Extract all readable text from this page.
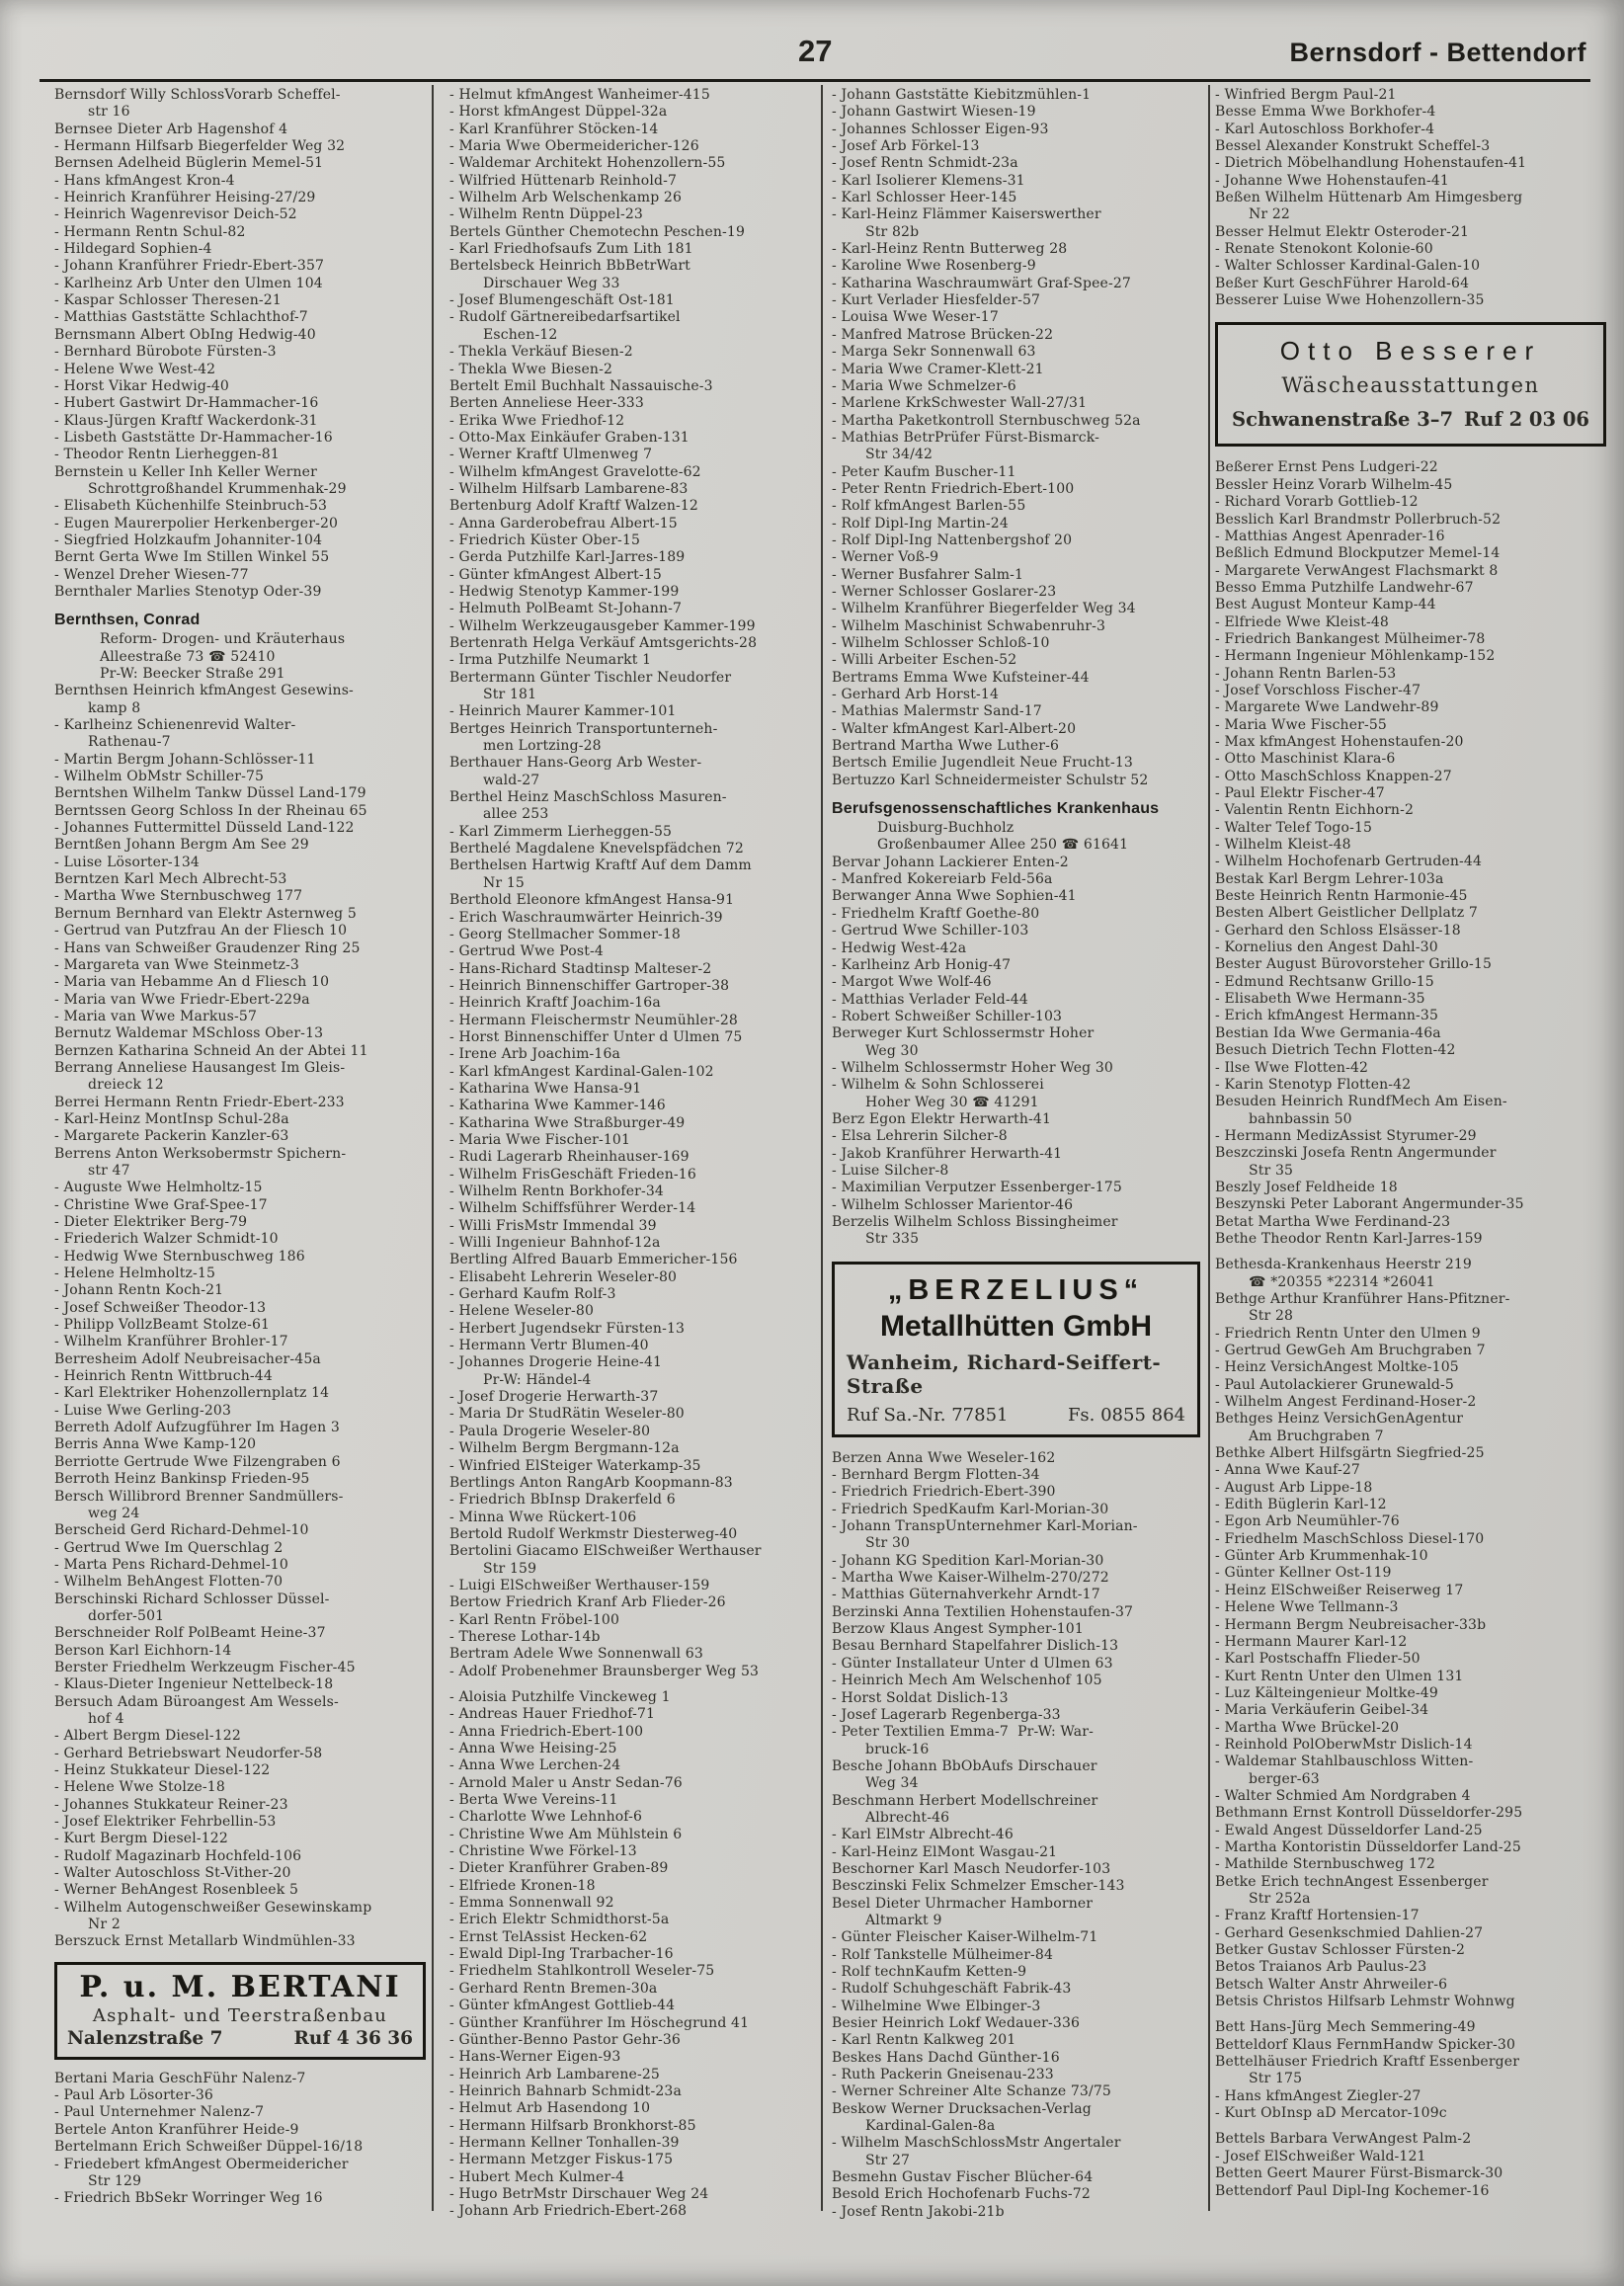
27	Bernsdorf - Bettendorf
Bernsdorf Willy SchlossVorarb Scheffel-
str 16
Bernsee Dieter Arb Hagenshof 4
- Hermann Hilfsarb Biegerfelder Weg 32
Bernsen Adelheid Büglerin Memel-51
- Hans kfmAngest Kron-4
- Heinrich Kranführer Heising-27/29
- Heinrich Wagenrevisor Deich-52
- Hermann Rentn Schul-82
- Hildegard Sophien-4
- Johann Kranführer Friedr-Ebert-357
- Karlheinz Arb Unter den Ulmen 104
- Kaspar Schlosser Theresen-21
- Matthias Gaststätte Schlachthof-7
Bernsmann Albert ObIng Hedwig-40
- Bernhard Bürobote Fürsten-3
- Helene Wwe West-42
- Horst Vikar Hedwig-40
- Hubert Gastwirt Dr-Hammacher-16
- Klaus-Jürgen Kraftf Wackerdonk-31
- Lisbeth Gaststätte Dr-Hammacher-16
- Theodor Rentn Lierheggen-81
Bernstein u Keller Inh Keller Werner
Schrottgroßhandel Krummenhak-29
- Elisabeth Küchenhilfe Steinbruch-53
- Eugen Maurerpolier Herkenberger-20
- Siegfried Holzkaufm Johanniter-104
Bernt Gerta Wwe Im Stillen Winkel 55
- Wenzel Dreher Wiesen-77
Bernthaler Marlies Stenotyp Oder-39
Bernthsen, Conrad
Reform- Drogen- und Kräuterhaus
Alleestraße 73 ☎ 52410
Pr-W: Beecker Straße 291
Bernthsen Heinrich kfmAngest Gesewins-
kamp 8
- Karlheinz Schienenrevid Walter-
Rathenau-7
- Martin Bergm Johann-Schlösser-11
- Wilhelm ObMstr Schiller-75
Berntshen Wilhelm Tankw Düssel Land-179
Berntssen Georg Schloss In der Rheinau 65
- Johannes Futtermittel Düsseld Land-122
Berntßen Johann Bergm Am See 29
- Luise Lösorter-134
Berntzen Karl Mech Albrecht-53
- Martha Wwe Sternbuschweg 177
Bernum Bernhard van Elektr Asternweg 5
- Gertrud van Putzfrau An der Fliesch 10
- Hans van Schweißer Graudenzer Ring 25
- Margareta van Wwe Steinmetz-3
- Maria van Hebamme An d Fliesch 10
- Maria van Wwe Friedr-Ebert-229a
- Maria van Wwe Markus-57
Bernutz Waldemar MSchloss Ober-13
Bernzen Katharina Schneid An der Abtei 11
Berrang Anneliese Hausangest Im Gleis-
dreieck 12
Berrei Hermann Rentn Friedr-Ebert-233
- Karl-Heinz MontInsp Schul-28a
- Margarete Packerin Kanzler-63
Berrens Anton Werksobermstr Spichern-
str 47
- Auguste Wwe Helmholtz-15
- Christine Wwe Graf-Spee-17
- Dieter Elektriker Berg-79
- Friederich Walzer Schmidt-10
- Hedwig Wwe Sternbuschweg 186
- Helene Helmholtz-15
- Johann Rentn Koch-21
- Josef Schweißer Theodor-13
- Philipp VollzBeamt Stolze-61
- Wilhelm Kranführer Brohler-17
Berresheim Adolf Neubreisacher-45a
- Heinrich Rentn Wittbruch-44
- Karl Elektriker Hohenzollernplatz 14
- Luise Wwe Gerling-203
Berreth Adolf Aufzugführer Im Hagen 3
Berris Anna Wwe Kamp-120
Berriotte Gertrude Wwe Filzengraben 6
Berroth Heinz Bankinsp Frieden-95
Bersch Willibrord Brenner Sandmüllers-
weg 24
Berscheid Gerd Richard-Dehmel-10
- Gertrud Wwe Im Querschlag 2
- Marta Pens Richard-Dehmel-10
- Wilhelm BehAngest Flotten-70
Berschinski Richard Schlosser Düssel-
dorfer-501
Berschneider Rolf PolBeamt Heine-37
Berson Karl Eichhorn-14
Berster Friedhelm Werkzeugm Fischer-45
- Klaus-Dieter Ingenieur Nettelbeck-18
Bersuch Adam Büroangest Am Wessels-
hof 4
- Albert Bergm Diesel-122
- Gerhard Betriebswart Neudorfer-58
- Heinz Stukkateur Diesel-122
- Helene Wwe Stolze-18
- Johannes Stukkateur Reiner-23
- Josef Elektriker Fehrbellin-53
- Kurt Bergm Diesel-122
- Rudolf Magazinarb Hochfeld-106
- Walter Autoschloss St-Vither-20
- Werner BehAngest Rosenbleek 5
- Wilhelm Autogenschweißer Gesewinskamp
Nr 2
Berszuck Ernst Metallarb Windmühlen-33
P. u. M. BERTANI
Asphalt- und Teerstraßenbau
Nalenzstraße 7	Ruf 4 36 36
Bertani Maria GeschFühr Nalenz-7
- Paul Arb Lösorter-36
- Paul Unternehmer Nalenz-7
Bertele Anton Kranführer Heide-9
Bertelmann Erich Schweißer Düppel-16/18
- Friedebert kfmAngest Obermeidericher
Str 129
- Friedrich BbSekr Worringer Weg 16
- Helmut kfmAngest Wanheimer-415
- Horst kfmAngest Düppel-32a
- Karl Kranführer Stöcken-14
- Maria Wwe Obermeidericher-126
- Waldemar Architekt Hohenzollern-55
- Wilfried Hüttenarb Reinhold-7
- Wilhelm Arb Welschenkamp 26
- Wilhelm Rentn Düppel-23
Bertels Günther Chemotechn Peschen-19
- Karl Friedhofsaufs Zum Lith 181
Bertelsbeck Heinrich BbBetrWart
Dirschauer Weg 33
- Josef Blumengeschäft Ost-181
- Rudolf Gärtnereibedarfsartikel
Eschen-12
- Thekla Verkäuf Biesen-2
- Thekla Wwe Biesen-2
Bertelt Emil Buchhalt Nassauische-3
Berten Anneliese Heer-333
- Erika Wwe Friedhof-12
- Otto-Max Einkäufer Graben-131
- Werner Kraftf Ulmenweg 7
- Wilhelm kfmAngest Gravelotte-62
- Wilhelm Hilfsarb Lambarene-83
Bertenburg Adolf Kraftf Walzen-12
- Anna Garderobefrau Albert-15
- Friedrich Küster Ober-15
- Gerda Putzhilfe Karl-Jarres-189
- Günter kfmAngest Albert-15
- Hedwig Stenotyp Kammer-199
- Helmuth PolBeamt St-Johann-7
- Wilhelm Werkzeugausgeber Kammer-199
Bertenrath Helga Verkäuf Amtsgerichts-28
- Irma Putzhilfe Neumarkt 1
Bertermann Günter Tischler Neudorfer
Str 181
- Heinrich Maurer Kammer-101
Bertges Heinrich Transportunterneh-
men Lortzing-28
Berthauer Hans-Georg Arb Wester-
wald-27
Berthel Heinz MaschSchloss Masuren-
allee 253
- Karl Zimmerm Lierheggen-55
Berthelé Magdalene Knevelspfädchen 72
Berthelsen Hartwig Kraftf Auf dem Damm
Nr 15
Berthold Eleonore kfmAngest Hansa-91
- Erich Waschraumwärter Heinrich-39
- Georg Stellmacher Sommer-18
- Gertrud Wwe Post-4
- Hans-Richard Stadtinsp Malteser-2
- Heinrich Binnenschiffer Gartroper-38
- Heinrich Kraftf Joachim-16a
- Hermann Fleischermstr Neumühler-28
- Horst Binnenschiffer Unter d Ulmen 75
- Irene Arb Joachim-16a
- Karl kfmAngest Kardinal-Galen-102
- Katharina Wwe Hansa-91
- Katharina Wwe Kammer-146
- Katharina Wwe Straßburger-49
- Maria Wwe Fischer-101
- Rudi Lagerarb Rheinhauser-169
- Wilhelm FrisGeschäft Frieden-16
- Wilhelm Rentn Borkhofer-34
- Wilhelm Schiffsführer Werder-14
- Willi FrisMstr Immendal 39
- Willi Ingenieur Bahnhof-12a
Bertling Alfred Bauarb Emmericher-156
- Elisabeht Lehrerin Weseler-80
- Gerhard Kaufm Rolf-3
- Helene Weseler-80
- Herbert Jugendsekr Fürsten-13
- Hermann Vertr Blumen-40
- Johannes Drogerie Heine-41
Pr-W: Händel-4
- Josef Drogerie Herwarth-37
- Maria Dr StudRätin Weseler-80
- Paula Drogerie Weseler-80
- Wilhelm Bergm Bergmann-12a
- Winfried ElSteiger Waterkamp-35
Bertlings Anton RangArb Koopmann-83
- Friedrich BbInsp Drakerfeld 6
- Minna Wwe Rückert-106
Bertold Rudolf Werkmstr Diesterweg-40
Bertolini Giacamo ElSchweißer Werthauser
Str 159
- Luigi ElSchweißer Werthauser-159
Bertow Friedrich Kranf Arb Flieder-26
- Karl Rentn Fröbel-100
- Therese Lothar-14b
Bertram Adele Wwe Sonnenwall 63
- Adolf Probenehmer Braunsberger Weg 53
- Aloisia Putzhilfe Vinckeweg 1
- Andreas Hauer Friedhof-71
- Anna Friedrich-Ebert-100
- Anna Wwe Heising-25
- Anna Wwe Lerchen-24
- Arnold Maler u Anstr Sedan-76
- Berta Wwe Vereins-11
- Charlotte Wwe Lehnhof-6
- Christine Wwe Am Mühlstein 6
- Christine Wwe Förkel-13
- Dieter Kranführer Graben-89
- Elfriede Kronen-18
- Emma Sonnenwall 92
- Erich Elektr Schmidthorst-5a
- Ernst TelAssist Hecken-62
- Ewald Dipl-Ing Trarbacher-16
- Friedhelm Stahlkontroll Weseler-75
- Gerhard Rentn Bremen-30a
- Günter kfmAngest Gottlieb-44
- Günther Kranführer Im Höschegrund 41
- Günther-Benno Pastor Gehr-36
- Hans-Werner Eigen-93
- Heinrich Arb Lambarene-25
- Heinrich Bahnarb Schmidt-23a
- Helmut Arb Hasendong 10
- Hermann Hilfsarb Bronkhorst-85
- Hermann Kellner Tonhallen-39
- Hermann Metzger Fiskus-175
- Hubert Mech Kulmer-4
- Hugo BetrMstr Dirschauer Weg 24
- Johann Arb Friedrich-Ebert-268
- Johann Gaststätte Kiebitzmühlen-1
- Johann Gastwirt Wiesen-19
- Johannes Schlosser Eigen-93
- Josef Arb Förkel-13
- Josef Rentn Schmidt-23a
- Karl Isolierer Klemens-31
- Karl Schlosser Heer-145
- Karl-Heinz Flämmer Kaiserswerther
Str 82b
- Karl-Heinz Rentn Butterweg 28
- Karoline Wwe Rosenberg-9
- Katharina Waschraumwärt Graf-Spee-27
- Kurt Verlader Hiesfelder-57
- Louisa Wwe Weser-17
- Manfred Matrose Brücken-22
- Marga Sekr Sonnenwall 63
- Maria Wwe Cramer-Klett-21
- Maria Wwe Schmelzer-6
- Marlene KrkSchwester Wall-27/31
- Martha Paketkontroll Sternbuschweg 52a
- Mathias BetrPrüfer Fürst-Bismarck-
Str 34/42
- Peter Kaufm Buscher-11
- Peter Rentn Friedrich-Ebert-100
- Rolf kfmAngest Barlen-55
- Rolf Dipl-Ing Martin-24
- Rolf Dipl-Ing Nattenbergshof 20
- Werner Voß-9
- Werner Busfahrer Salm-1
- Werner Schlosser Goslarer-23
- Wilhelm Kranführer Biegerfelder Weg 34
- Wilhelm Maschinist Schwabenruhr-3
- Wilhelm Schlosser Schloß-10
- Willi Arbeiter Eschen-52
Bertrams Emma Wwe Kufsteiner-44
- Gerhard Arb Horst-14
- Mathias Malermstr Sand-17
- Walter kfmAngest Karl-Albert-20
Bertrand Martha Wwe Luther-6
Bertsch Emilie Jugendleit Neue Frucht-13
Bertuzzo Karl Schneidermeister Schulstr 52
Berufsgenossenschaftliches Krankenhaus
Duisburg-Buchholz
Großenbaumer Allee 250 ☎ 61641
Bervar Johann Lackierer Enten-2
- Manfred Kokereiarb Feld-56a
Berwanger Anna Wwe Sophien-41
- Friedhelm Kraftf Goethe-80
- Gertrud Wwe Schiller-103
- Hedwig West-42a
- Karlheinz Arb Honig-47
- Margot Wwe Wolf-46
- Matthias Verlader Feld-44
- Robert Schweißer Schiller-103
Berweger Kurt Schlossermstr Hoher
Weg 30
- Wilhelm Schlossermstr Hoher Weg 30
- Wilhelm & Sohn Schlosserei
Hoher Weg 30 ☎ 41291
Berz Egon Elektr Herwarth-41
- Elsa Lehrerin Silcher-8
- Jakob Kranführer Herwarth-41
- Luise Silcher-8
- Maximilian Verputzer Essenberger-175
- Wilhelm Schlosser Marientor-46
Berzelis Wilhelm Schloss Bissingheimer
Str 335
„BERZELIUS“
Metallhütten GmbH
Wanheim, Richard-Seiffert-Straße
Ruf Sa.-Nr. 77851	Fs. 0855 864
Berzen Anna Wwe Weseler-162
- Bernhard Bergm Flotten-34
- Friedrich Friedrich-Ebert-390
- Friedrich SpedKaufm Karl-Morian-30
- Johann TranspUnternehmer Karl-Morian-
Str 30
- Johann KG Spedition Karl-Morian-30
- Martha Wwe Kaiser-Wilhelm-270/272
- Matthias Güternahverkehr Arndt-17
Berzinski Anna Textilien Hohenstaufen-37
Berzow Klaus Angest Sympher-101
Besau Bernhard Stapelfahrer Dislich-13
- Günter Installateur Unter d Ulmen 63
- Heinrich Mech Am Welschenhof 105
- Horst Soldat Dislich-13
- Josef Lagerarb Regenberga-33
- Peter Textilien Emma-7  Pr-W: War-
bruck-16
Besche Johann BbObAufs Dirschauer
Weg 34
Beschmann Herbert Modellschreiner
Albrecht-46
- Karl ElMstr Albrecht-46
- Karl-Heinz ElMont Wasgau-21
Beschorner Karl Masch Neudorfer-103
Besczinski Felix Schmelzer Emscher-143
Besel Dieter Uhrmacher Hamborner
Altmarkt 9
- Günter Fleischer Kaiser-Wilhelm-71
- Rolf Tankstelle Mülheimer-84
- Rolf technKaufm Ketten-9
- Rudolf Schuhgeschäft Fabrik-43
- Wilhelmine Wwe Elbinger-3
Besier Heinrich Lokf Wedauer-336
- Karl Rentn Kalkweg 201
Beskes Hans Dachd Günther-16
- Ruth Packerin Gneisenau-233
- Werner Schreiner Alte Schanze 73/75
Beskow Werner Drucksachen-Verlag
Kardinal-Galen-8a
- Wilhelm MaschSchlossMstr Angertaler
Str 27
Besmehn Gustav Fischer Blücher-64
Besold Erich Hochofenarb Fuchs-72
- Josef Rentn Jakobi-21b
- Winfried Bergm Paul-21
Besse Emma Wwe Borkhofer-4
- Karl Autoschloss Borkhofer-4
Bessel Alexander Konstrukt Scheffel-3
- Dietrich Möbelhandlung Hohenstaufen-41
- Johanne Wwe Hohenstaufen-41
Beßen Wilhelm Hüttenarb Am Himgesberg
Nr 22
Besser Helmut Elektr Osteroder-21
- Renate Stenokont Kolonie-60
- Walter Schlosser Kardinal-Galen-10
Beßer Kurt GeschFührer Harold-64
Besserer Luise Wwe Hohenzollern-35
Otto Besserer
Wäscheausstattungen
Schwanenstraße 3–7 Ruf 2 03 06
Beßerer Ernst Pens Ludgeri-22
Bessler Heinz Vorarb Wilhelm-45
- Richard Vorarb Gottlieb-12
Besslich Karl Brandmstr Pollerbruch-52
- Matthias Angest Apenrader-16
Beßlich Edmund Blockputzer Memel-14
- Margarete VerwAngest Flachsmarkt 8
Besso Emma Putzhilfe Landwehr-67
Best August Monteur Kamp-44
- Elfriede Wwe Kleist-48
- Friedrich Bankangest Mülheimer-78
- Hermann Ingenieur Möhlenkamp-152
- Johann Rentn Barlen-53
- Josef Vorschloss Fischer-47
- Margarete Wwe Landwehr-89
- Maria Wwe Fischer-55
- Max kfmAngest Hohenstaufen-20
- Otto Maschinist Klara-6
- Otto MaschSchloss Knappen-27
- Paul Elektr Fischer-47
- Valentin Rentn Eichhorn-2
- Walter Telef Togo-15
- Wilhelm Kleist-48
- Wilhelm Hochofenarb Gertruden-44
Bestak Karl Bergm Lehrer-103a
Beste Heinrich Rentn Harmonie-45
Besten Albert Geistlicher Dellplatz 7
- Gerhard den Schloss Elsässer-18
- Kornelius den Angest Dahl-30
Bester August Bürovorsteher Grillo-15
- Edmund Rechtsanw Grillo-15
- Elisabeth Wwe Hermann-35
- Erich kfmAngest Hermann-35
Bestian Ida Wwe Germania-46a
Besuch Dietrich Techn Flotten-42
- Ilse Wwe Flotten-42
- Karin Stenotyp Flotten-42
Besuden Heinrich RundfMech Am Eisen-
bahnbassin 50
- Hermann MedizAssist Styrumer-29
Beszczinski Josefa Rentn Angermunder
Str 35
Beszly Josef Feldheide 18
Beszynski Peter Laborant Angermunder-35
Betat Martha Wwe Ferdinand-23
Bethe Theodor Rentn Karl-Jarres-159
Bethesda-Krankenhaus Heerstr 219
☎ *20355 *22314 *26041
Bethge Arthur Kranführer Hans-Pfitzner-
Str 28
- Friedrich Rentn Unter den Ulmen 9
- Gertrud GewGeh Am Bruchgraben 7
- Heinz VersichAngest Moltke-105
- Paul Autolackierer Grunewald-5
- Wilhelm Angest Ferdinand-Hoser-2
Bethges Heinz VersichGenAgentur
Am Bruchgraben 7
Bethke Albert Hilfsgärtn Siegfried-25
- Anna Wwe Kauf-27
- August Arb Lippe-18
- Edith Büglerin Karl-12
- Egon Arb Neumühler-76
- Friedhelm MaschSchloss Diesel-170
- Günter Arb Krummenhak-10
- Günter Kellner Ost-119
- Heinz ElSchweißer Reiserweg 17
- Helene Wwe Tellmann-3
- Hermann Bergm Neubreisacher-33b
- Hermann Maurer Karl-12
- Karl Postschaffn Flieder-50
- Kurt Rentn Unter den Ulmen 131
- Luz Kälteingenieur Moltke-49
- Maria Verkäuferin Geibel-34
- Martha Wwe Brückel-20
- Reinhold PolOberwMstr Dislich-14
- Waldemar Stahlbauschloss Witten-
berger-63
- Walter Schmied Am Nordgraben 4
Bethmann Ernst Kontroll Düsseldorfer-295
- Ewald Angest Düsseldorfer Land-25
- Martha Kontoristin Düsseldorfer Land-25
- Mathilde Sternbuschweg 172
Betke Erich technAngest Essenberger
Str 252a
- Franz Kraftf Hortensien-17
- Gerhard Gesenkschmied Dahlien-27
Betker Gustav Schlosser Fürsten-2
Betos Traianos Arb Paulus-23
Betsch Walter Anstr Ahrweiler-6
Betsis Christos Hilfsarb Lehmstr Wohnwg
Bett Hans-Jürg Mech Semmering-49
Betteldorf Klaus FernmHandw Spicker-30
Bettelhäuser Friedrich Kraftf Essenberger
Str 175
- Hans kfmAngest Ziegler-27
- Kurt ObInsp aD Mercator-109c
Bettels Barbara VerwAngest Palm-2
- Josef ElSchweißer Wald-121
Betten Geert Maurer Fürst-Bismarck-30
Bettendorf Paul Dipl-Ing Kochemer-16
